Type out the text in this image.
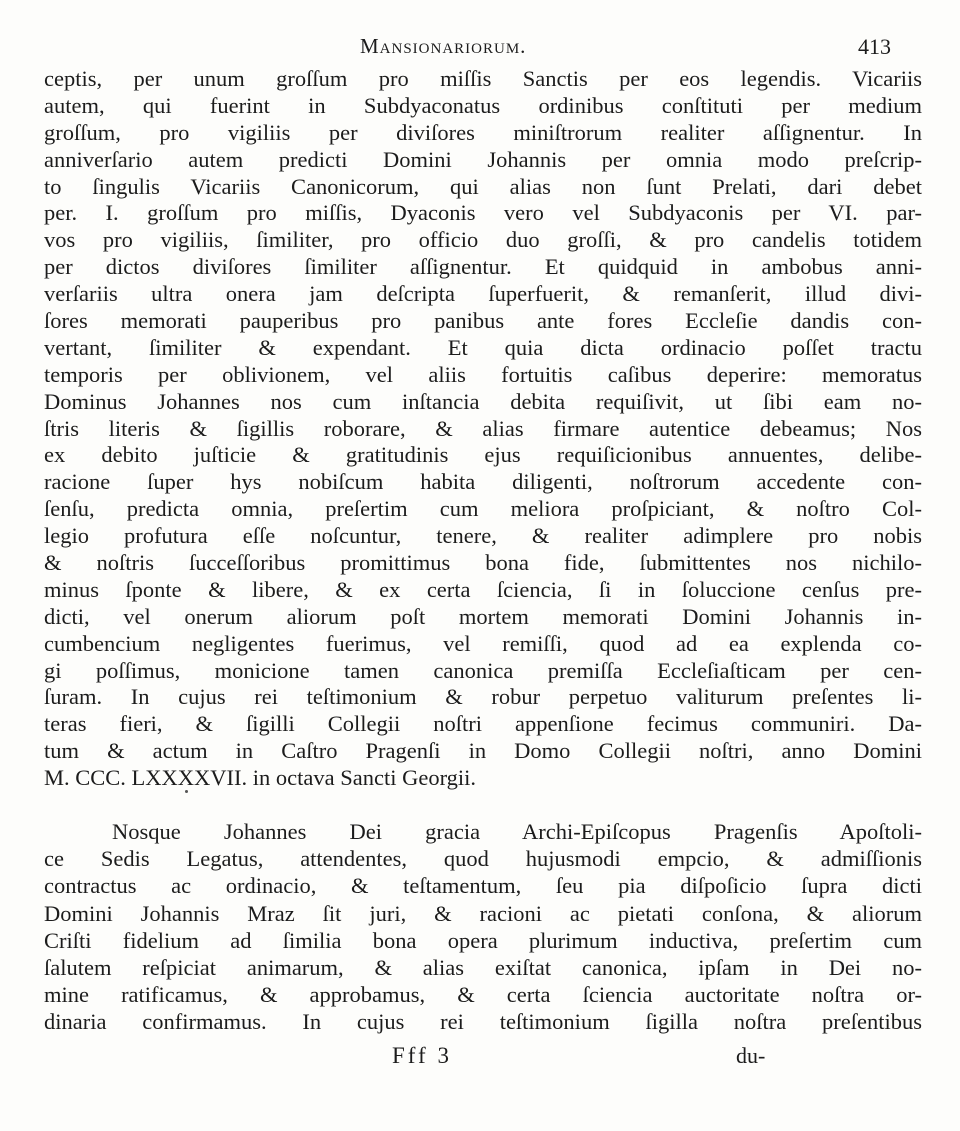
Mansionariorum.	413
ceptis, per unum groſſum pro miſſis Sanctis per eos legendis. Vicariis
autem, qui fuerint in Subdyaconatus ordinibus conſtituti per medium
groſſum, pro vigiliis per diviſores miniſtrorum realiter aſſignentur. In
anniverſario autem predicti Domini Johannis per omnia modo preſcrip-
to ſingulis Vicariis Canonicorum, qui alias non ſunt Prelati, dari debet
per. I. groſſum pro miſſis, Dyaconis vero vel Subdyaconis per VI. par-
vos pro vigiliis, ſimiliter, pro officio duo groſſi, & pro candelis totidem
per dictos diviſores ſimiliter aſſignentur. Et quidquid in ambobus anni-
verſariis ultra onera jam deſcripta ſuperfuerit, & remanſerit, illud divi-
ſores memorati pauperibus pro panibus ante fores Eccleſie dandis con-
vertant, ſimiliter & expendant. Et quia dicta ordinacio poſſet tractu
temporis per oblivionem, vel aliis fortuitis caſibus deperire: memoratus
Dominus Johannes nos cum inſtancia debita requiſivit, ut ſibi eam no-
ſtris literis & ſigillis roborare, & alias firmare autentice debeamus; Nos
ex debito juſticie & gratitudinis ejus requiſicionibus annuentes, delibe-
racione ſuper hys nobiſcum habita diligenti, noſtrorum accedente con-
ſenſu, predicta omnia, preſertim cum meliora proſpiciant, & noſtro Col-
legio profutura eſſe noſcuntur, tenere, & realiter adimplere pro nobis
& noſtris ſucceſſoribus promittimus bona fide, ſubmittentes nos nichilo-
minus ſponte & libere, & ex certa ſciencia, ſi in ſoluccione cenſus pre-
dicti, vel onerum aliorum poſt mortem memorati Domini Johannis in-
cumbencium negligentes fuerimus, vel remiſſi, quod ad ea explenda co-
gi poſſimus, monicione tamen canonica premiſſa Eccleſiaſticam per cen-
ſuram. In cujus rei teſtimonium & robur perpetuo valiturum preſentes li-
teras fieri, & ſigilli Collegii noſtri appenſione fecimus communiri. Da-
tum & actum in Caſtro Pragenſi in Domo Collegii noſtri, anno Domini
M. CCC. LXXXXVII. in octava Sancti Georgii.
Nosque Johannes Dei gracia Archi-Epiſcopus Pragenſis Apoſtoli-
ce Sedis Legatus, attendentes, quod hujusmodi empcio, & admiſſionis
contractus ac ordinacio, & teſtamentum, ſeu pia diſpoſicio ſupra dicti
Domini Johannis Mraz ſit juri, & racioni ac pietati conſona, & aliorum
Criſti fidelium ad ſimilia bona opera plurimum inductiva, preſertim cum
ſalutem reſpiciat animarum, & alias exiſtat canonica, ipſam in Dei no-
mine ratificamus, & approbamus, & certa ſciencia auctoritate noſtra or-
dinaria confirmamus. In cujus rei teſtimonium ſigilla noſtra preſentibus
Fff 3	du-
